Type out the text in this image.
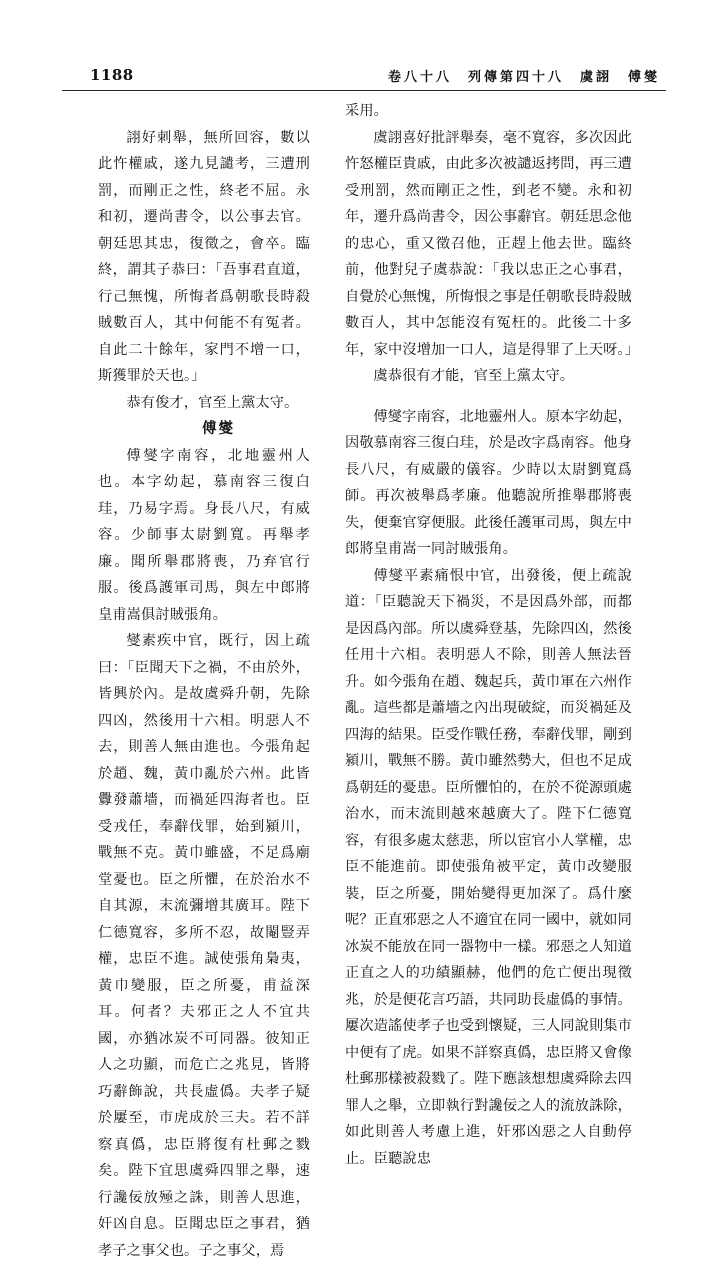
1188	卷八十八　列傳第四十八　虞詡　傅燮

詡好刺舉，無所回容，數以此忤權戚，遂九見譴考，三遭刑罰，而剛正之性，終老不屈。永和初，遷尚書令，以公事去官。朝廷思其忠，復徵之，會卒。臨終，謂其子恭曰：「吾事君直道，行己無愧，所悔者爲朝歌長時殺賊數百人，其中何能不有冤者。自此二十餘年，家門不增一口，斯獲罪於天也。」

恭有俊才，官至上黨太守。

傅燮

傅燮字南容，北地靈州人也。本字幼起，慕南容三復白珪，乃易字焉。身長八尺，有威容。少師事太尉劉寬。再舉孝廉。聞所舉郡將喪，乃弃官行服。後爲護軍司馬，與左中郎將皇甫嵩俱討賊張角。

燮素疾中官，既行，因上疏曰：「臣聞天下之禍，不由於外，皆興於內。是故虞舜升朝，先除四凶，然後用十六相。明惡人不去，則善人無由進也。今張角起於趙、魏，黃巾亂於六州。此皆釁發蕭墻，而禍延四海者也。臣受戎任，奉辭伐罪，始到潁川，戰無不克。黃巾雖盛，不足爲廟堂憂也。臣之所懼，在於治水不自其源，末流彌增其廣耳。陛下仁德寬容，多所不忍，故閹豎弄權，忠臣不進。誠使張角梟夷，黃巾變服，臣之所憂，甫益深耳。何者？夫邪正之人不宜共國，亦猶冰炭不可同器。彼知正人之功顯，而危亡之兆見，皆將巧辭飾說，共長虛僞。夫孝子疑於屢至，市虎成於三夫。若不詳察真僞，忠臣將復有杜郵之戮矣。陛下宜思虞舜四罪之舉，速行讒佞放殛之誅，則善人思進，奸凶自息。臣聞忠臣之事君，猶孝子之事父也。子之事父，焉

采用。

虞詡喜好批評舉奏，毫不寬容，多次因此忤怒權臣貴戚，由此多次被譴返拷問，再三遭受刑罰，然而剛正之性，到老不變。永和初年，遷升爲尚書令，因公事辭官。朝廷思念他的忠心，重又徵召他，正趕上他去世。臨終前，他對兒子虞恭說：「我以忠正之心事君，自覺於心無愧，所悔恨之事是任朝歌長時殺賊數百人，其中怎能沒有冤枉的。此後二十多年，家中沒增加一口人，這是得罪了上天呀。」

虞恭很有才能，官至上黨太守。

傅燮字南容，北地靈州人。原本字幼起，因敬慕南容三復白珪，於是改字爲南容。他身長八尺，有威嚴的儀容。少時以太尉劉寬爲師。再次被舉爲孝廉。他聽說所推舉郡將喪失，便棄官穿便服。此後任護軍司馬，與左中郎將皇甫嵩一同討賊張角。

傅燮平素痛恨中官，出發後，便上疏說道：「臣聽說天下禍災，不是因爲外部，而都是因爲內部。所以虞舜登基，先除四凶，然後任用十六相。表明惡人不除，則善人無法晉升。如今張角在趙、魏起兵，黃巾軍在六州作亂。這些都是蕭墻之內出現破綻，而災禍延及四海的結果。臣受作戰任務，奉辭伐罪，剛到潁川，戰無不勝。黃巾雖然勢大，但也不足成爲朝廷的憂患。臣所懼怕的，在於不從源頭處治水，而末流則越來越廣大了。陛下仁德寬容，有很多處太慈悲，所以宦官小人掌權，忠臣不能進前。即使張角被平定，黃巾改變服裝，臣之所憂，開始變得更加深了。爲什麼呢？正直邪惡之人不適宜在同一國中，就如同冰炭不能放在同一器物中一樣。邪惡之人知道正直之人的功績顯赫，他們的危亡便出現徵兆，於是便花言巧語，共同助長虛僞的事情。屢次造謠使孝子也受到懷疑，三人同說則集市中便有了虎。如果不詳察真僞，忠臣將又會像杜郵那樣被殺戮了。陛下應該想想虞舜除去四罪人之舉，立即執行對讒佞之人的流放誅除，如此則善人考慮上進，奸邪凶惡之人自動停止。臣聽說忠
